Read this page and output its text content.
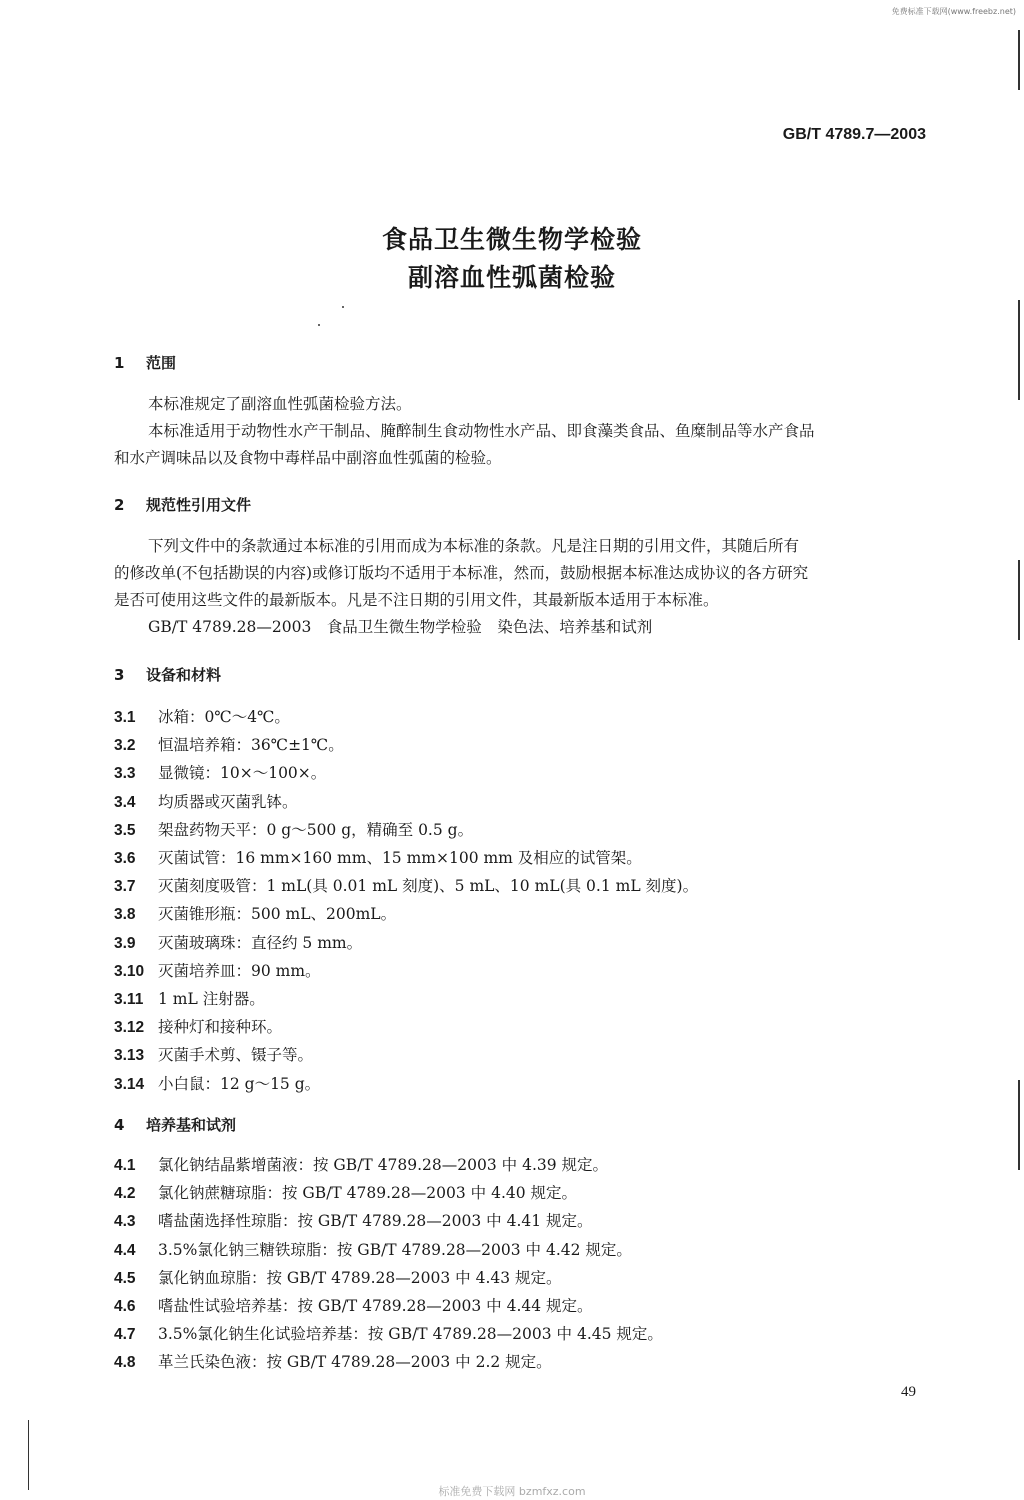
免费标准下载网(www.freebz.net)
GB/T 4789.7—2003
食品卫生微生物学检验
副溶血性弧菌检验
1 范围
本标准规定了副溶血性弧菌检验方法。
本标准适用于动物性水产干制品、腌醉制生食动物性水产品、即食藻类食品、鱼糜制品等水产食品
和水产调味品以及食物中毒样品中副溶血性弧菌的检验。
2 规范性引用文件
下列文件中的条款通过本标准的引用而成为本标准的条款。凡是注日期的引用文件，其随后所有
的修改单(不包括勘误的内容)或修订版均不适用于本标准，然而，鼓励根据本标准达成协议的各方研究
是否可使用这些文件的最新版本。凡是不注日期的引用文件，其最新版本适用于本标准。
GB/T 4789.28—2003　食品卫生微生物学检验　染色法、培养基和试剂
3 设备和材料
3.1 冰箱：0℃～4℃。
3.2 恒温培养箱：36℃±1℃。
3.3 显微镜：10×～100×。
3.4 均质器或灭菌乳钵。
3.5 架盘药物天平：0 g～500 g，精确至 0.5 g。
3.6 灭菌试管：16 mm×160 mm、15 mm×100 mm 及相应的试管架。
3.7 灭菌刻度吸管：1 mL(具 0.01 mL 刻度)、5 mL、10 mL(具 0.1 mL 刻度)。
3.8 灭菌锥形瓶：500 mL、200mL。
3.9 灭菌玻璃珠：直径约 5 mm。
3.10 灭菌培养皿：90 mm。
3.11 1 mL 注射器。
3.12 接种灯和接种环。
3.13 灭菌手术剪、镊子等。
3.14 小白鼠：12 g～15 g。
4 培养基和试剂
4.1 氯化钠结晶紫增菌液：按 GB/T 4789.28—2003 中 4.39 规定。
4.2 氯化钠蔗糖琼脂：按 GB/T 4789.28—2003 中 4.40 规定。
4.3 嗜盐菌选择性琼脂：按 GB/T 4789.28—2003 中 4.41 规定。
4.4 3.5%氯化钠三糖铁琼脂：按 GB/T 4789.28—2003 中 4.42 规定。
4.5 氯化钠血琼脂：按 GB/T 4789.28—2003 中 4.43 规定。
4.6 嗜盐性试验培养基：按 GB/T 4789.28—2003 中 4.44 规定。
4.7 3.5%氯化钠生化试验培养基：按 GB/T 4789.28—2003 中 4.45 规定。
4.8 革兰氏染色液：按 GB/T 4789.28—2003 中 2.2 规定。
49
标准免费下载网 bzmfxz.com
